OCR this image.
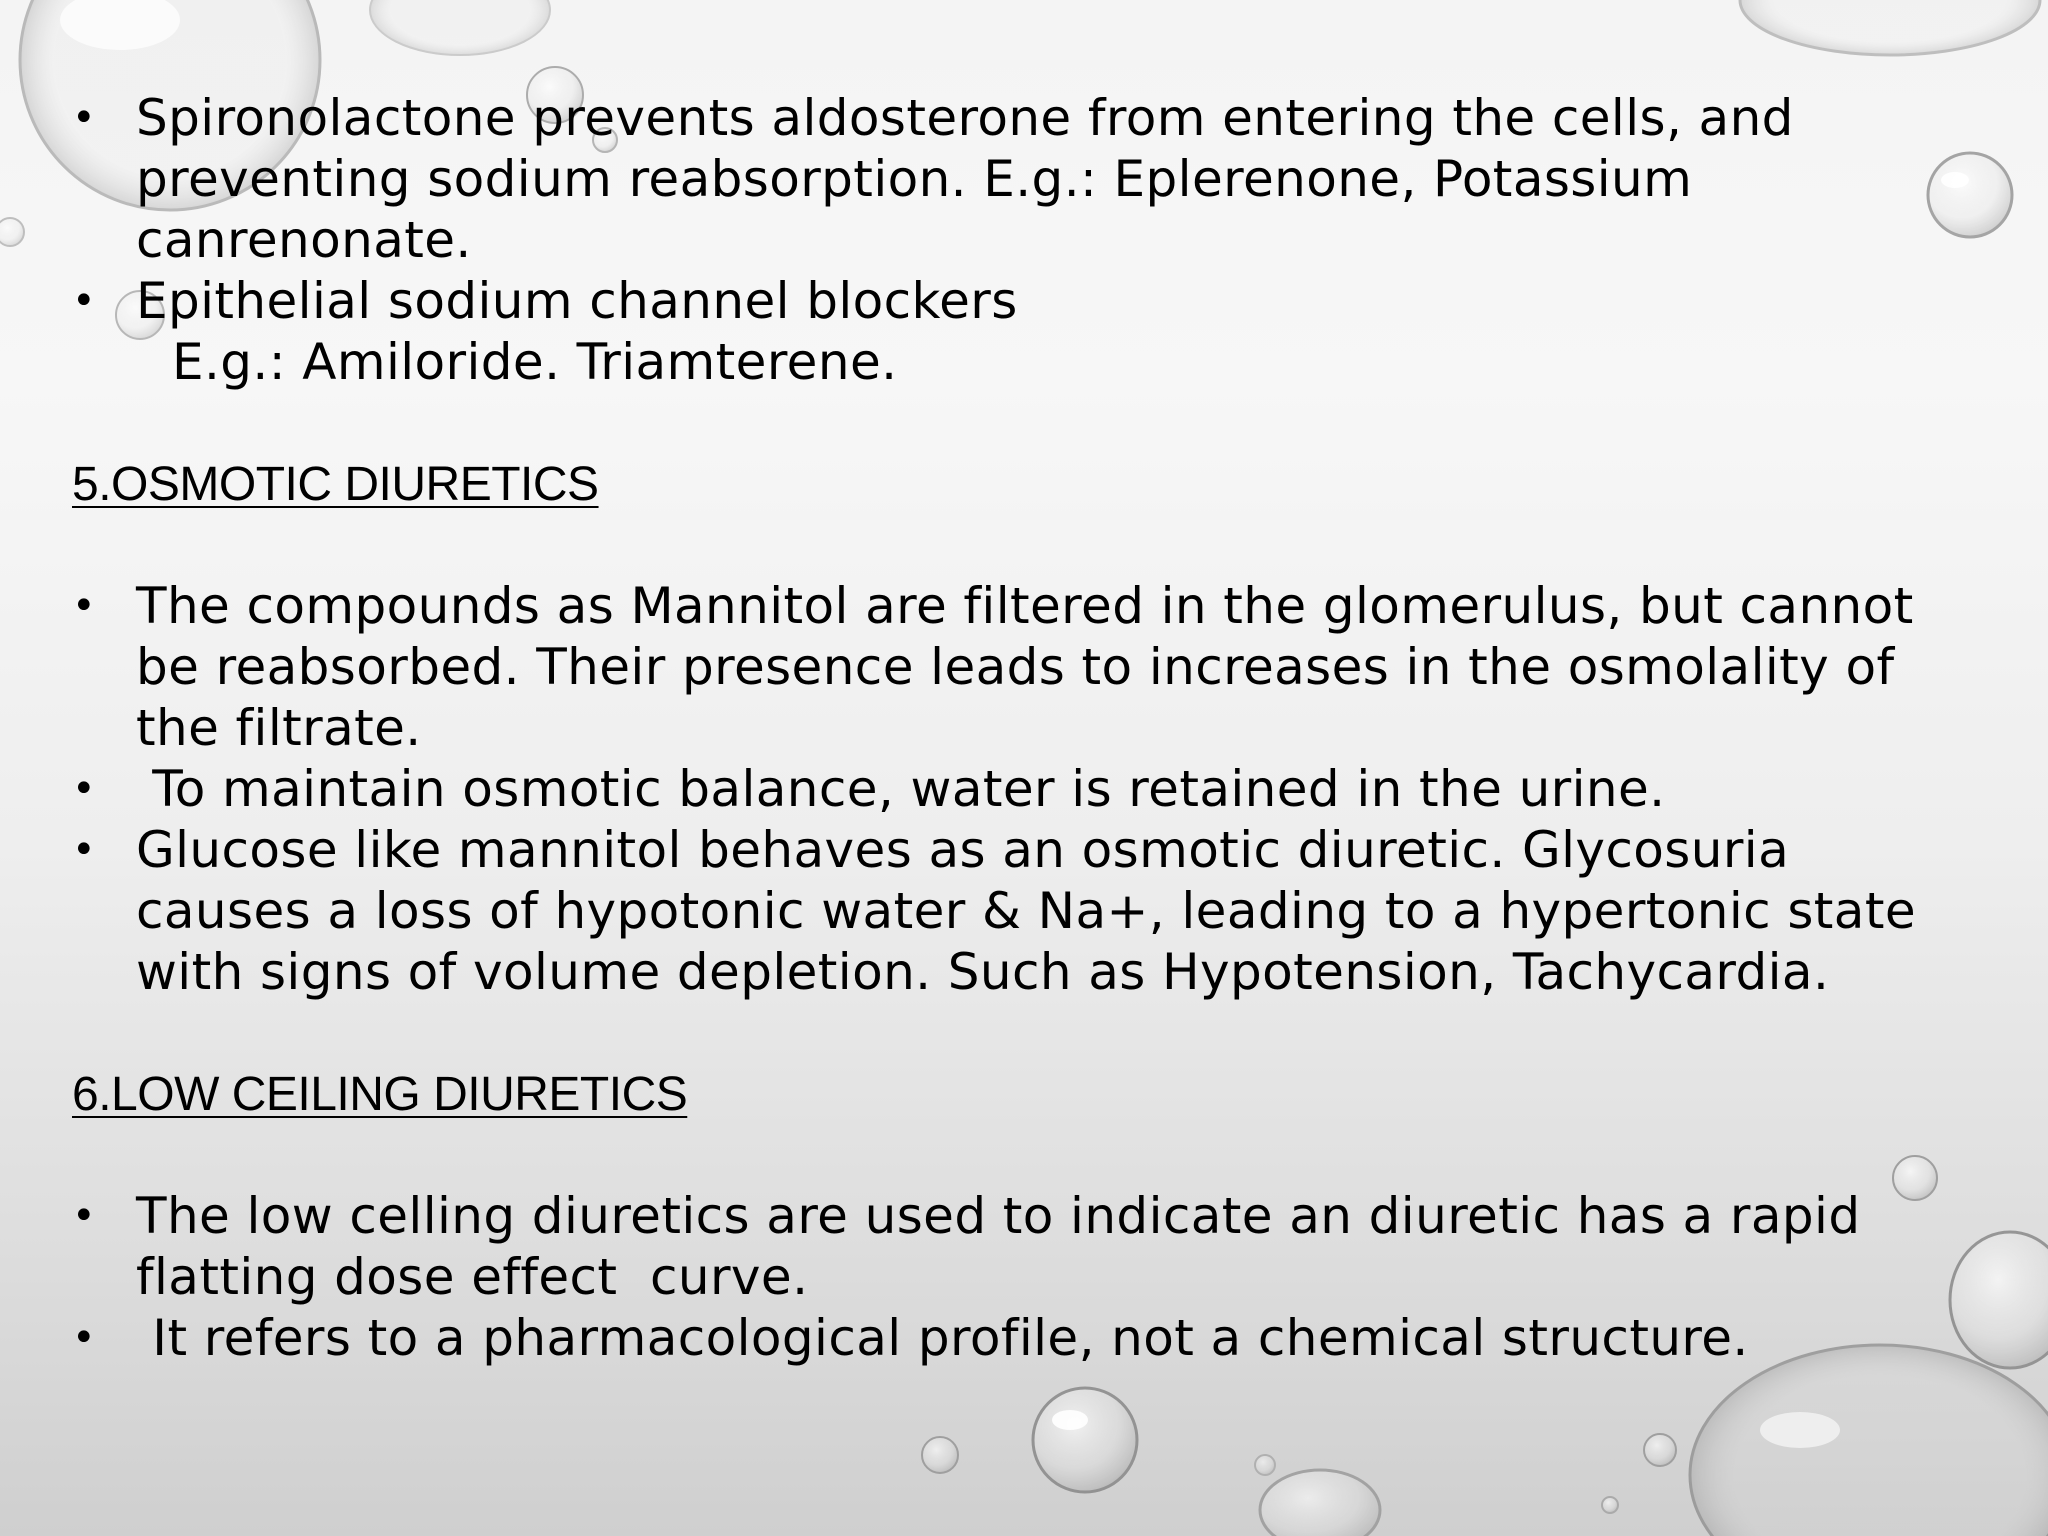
• Spironolactone prevents aldosterone from entering the cells, and preventing sodium reabsorption. E.g.: Eplerenone, Potassium canrenonate.
• Epithelial sodium channel blockers
E.g.: Amiloride. Triamterene.
5.OSMOTIC DIURETICS
• The compounds as Mannitol are filtered in the glomerulus, but cannot be reabsorbed. Their presence leads to increases in the osmolality of the filtrate.
• To maintain osmotic balance, water is retained in the urine.
• Glucose like mannitol behaves as an osmotic diuretic. Glycosuria causes a loss of hypotonic water & Na+, leading to a hypertonic state with signs of volume depletion. Such as Hypotension, Tachycardia.
6.LOW CEILING DIURETICS
• The low celling diuretics are used to indicate an diuretic has a rapid flatting dose effect  curve.
• It refers to a pharmacological profile, not a chemical structure.
